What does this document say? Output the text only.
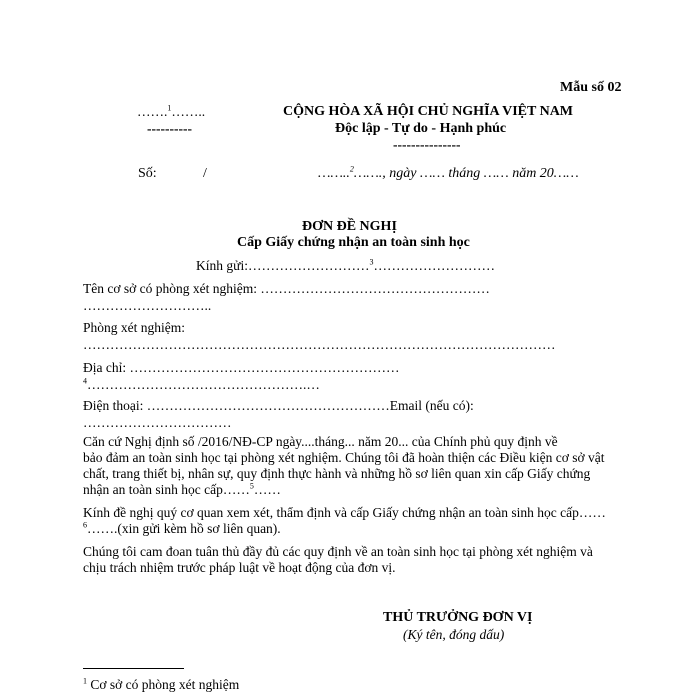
Mẫu số 02
…….$^1$……..
----------
CỘNG HÒA XÃ HỘI CHỦ NGHĨA VIỆT NAM
Độc lập - Tự do - Hạnh phúc
---------------
Số:	/	……..$^2$……., ngày …… tháng …… năm 20……
ĐƠN ĐỀ NGHỊ
Cấp Giấy chứng nhận an toàn sinh học
Kính gửi:………………………$^3$………………………
Tên cơ sở có phòng xét nghiệm: ……………………………………………
………………………..
Phòng xét nghiệm:
……………………………………………………………………………………………
Địa chỉ: ……………………………………………………
$^4$………………………………………….…
Điện thoại: ………………………………………………Email (nếu có):
……………………………
Căn cứ Nghị định số /2016/NĐ-CP ngày....tháng... năm 20... của Chính phủ quy định về
bảo đảm an toàn sinh học tại phòng xét nghiệm. Chúng tôi đã hoàn thiện các Điều kiện cơ sở vật
chất, trang thiết bị, nhân sự, quy định thực hành và những hồ sơ liên quan xin cấp Giấy chứng
nhận an toàn sinh học cấp……$^5$……
Kính đề nghị quý cơ quan xem xét, thẩm định và cấp Giấy chứng nhận an toàn sinh học cấp……
$^6$…….(xin gửi kèm hồ sơ liên quan).
Chúng tôi cam đoan tuân thủ đầy đủ các quy định về an toàn sinh học tại phòng xét nghiệm và
chịu trách nhiệm trước pháp luật về hoạt động của đơn vị.
THỦ TRƯỞNG ĐƠN VỊ
(Ký tên, đóng dấu)
$^1$ Cơ sở có phòng xét nghiệm
